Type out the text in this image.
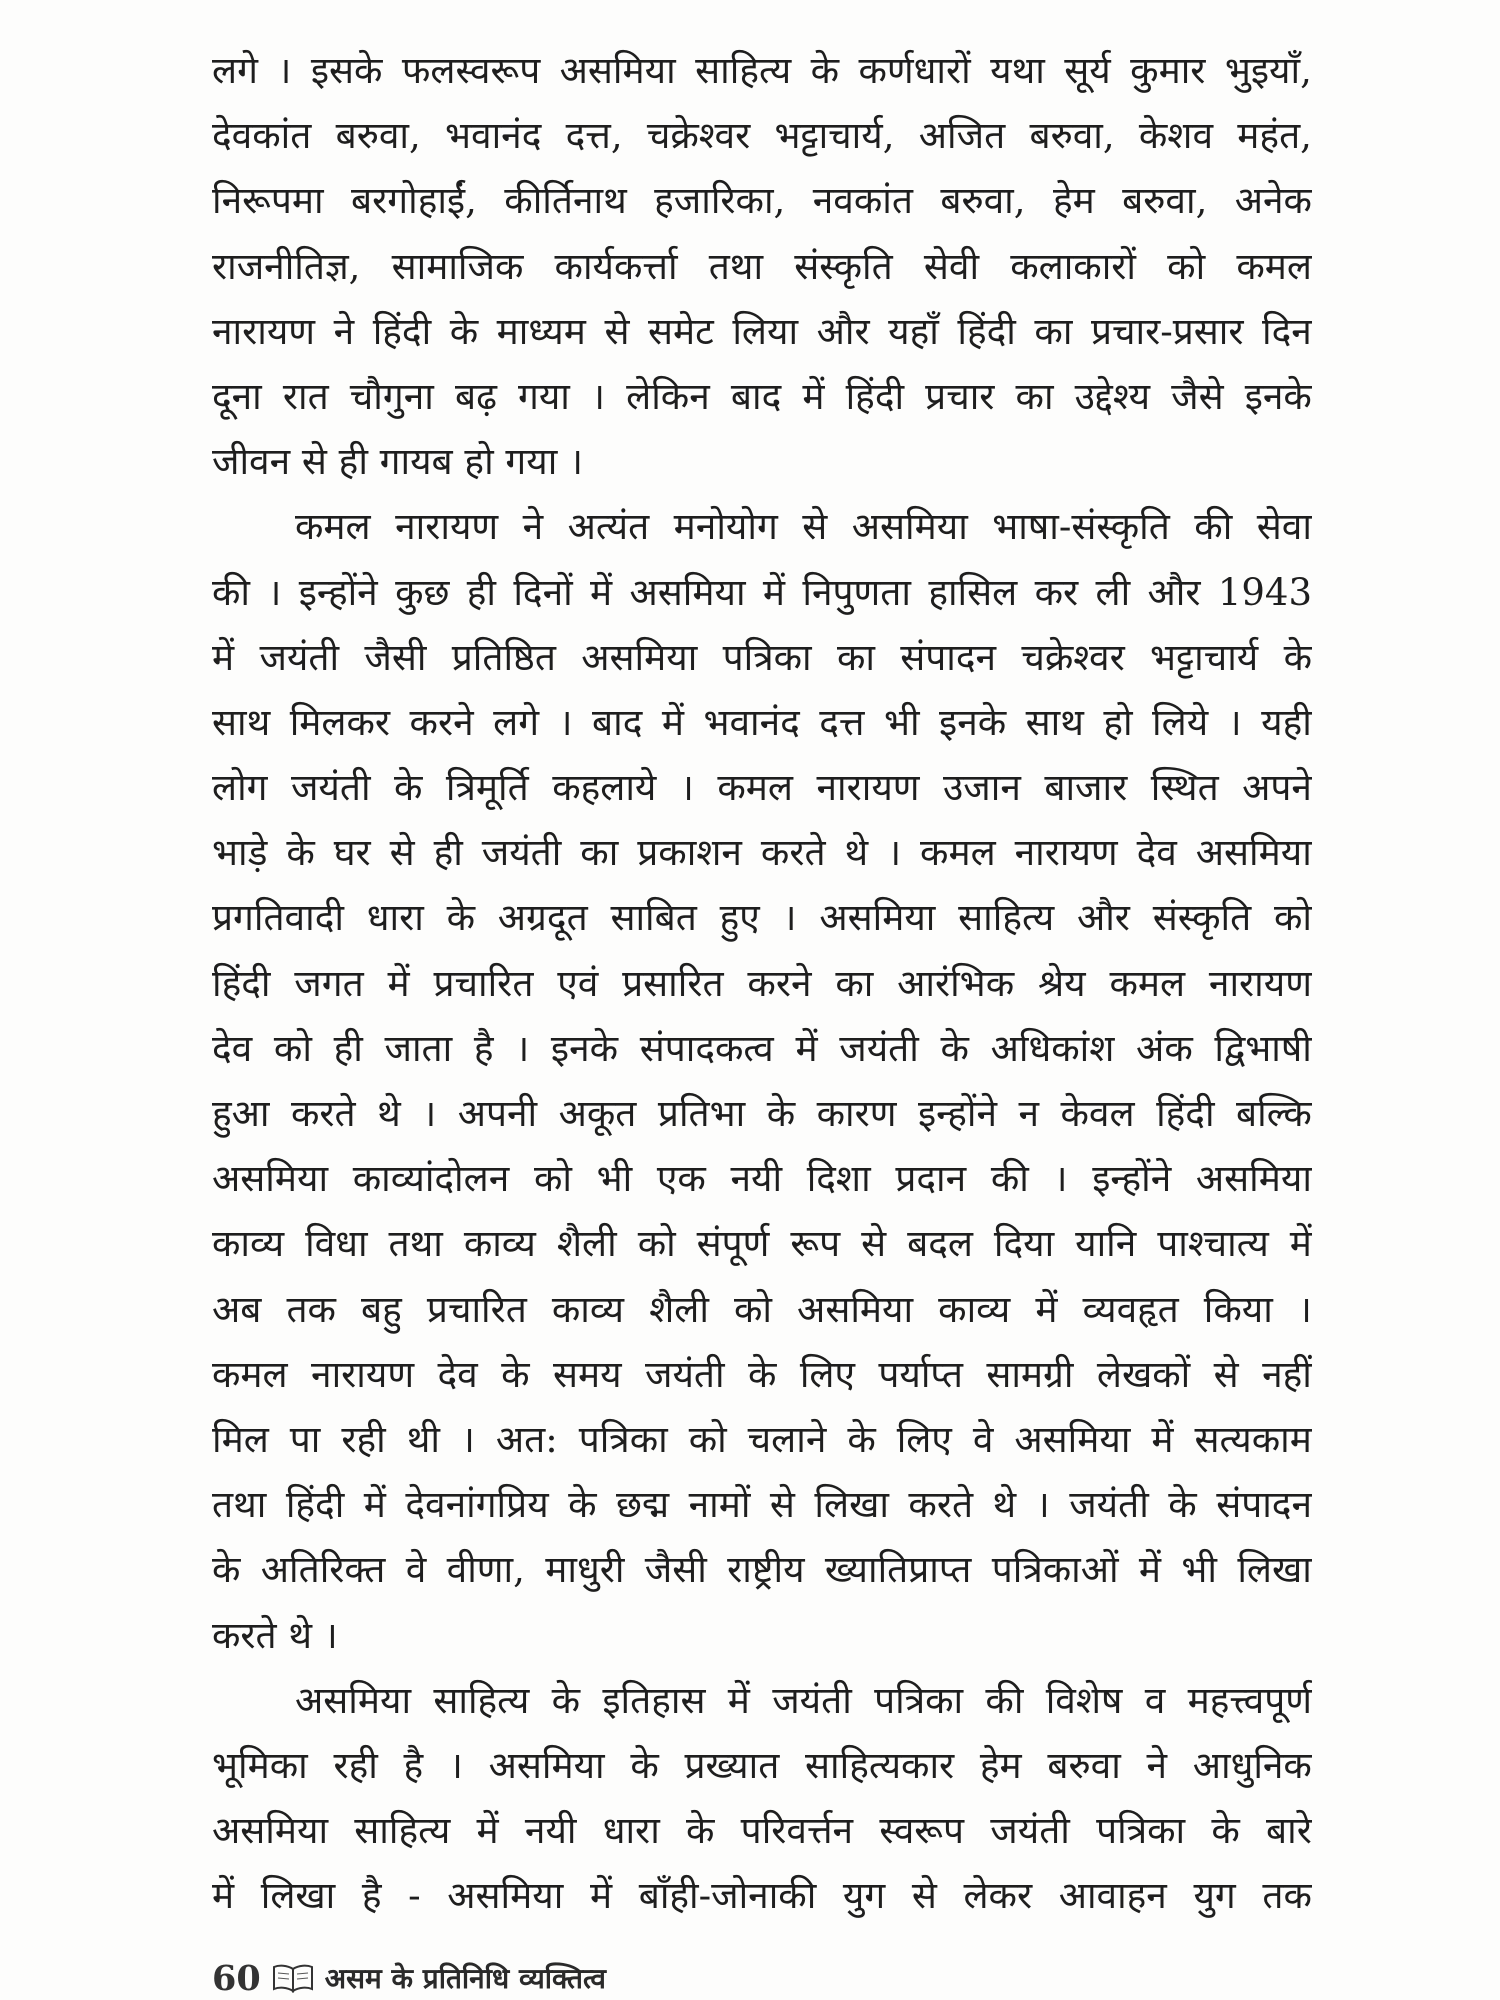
लगे । इसके फलस्वरूप असमिया साहित्य के कर्णधारों यथा सूर्य कुमार भुइयाँ,
देवकांत बरुवा, भवानंद दत्त, चक्रेश्वर भट्टाचार्य, अजित बरुवा, केशव महंत,
निरूपमा बरगोहाईं, कीर्तिनाथ हजारिका, नवकांत बरुवा, हेम बरुवा, अनेक
राजनीतिज्ञ, सामाजिक कार्यकर्त्ता तथा संस्कृति सेवी कलाकारों को कमल
नारायण ने हिंदी के माध्यम से समेट लिया और यहाँ हिंदी का प्रचार-प्रसार दिन
दूना रात चौगुना बढ़ गया । लेकिन बाद में हिंदी प्रचार का उद्देश्य जैसे इनके
जीवन से ही गायब हो गया ।
कमल नारायण ने अत्यंत मनोयोग से असमिया भाषा-संस्कृति की सेवा
की । इन्होंने कुछ ही दिनों में असमिया में निपुणता हासिल कर ली और 1943
में जयंती जैसी प्रतिष्ठित असमिया पत्रिका का संपादन चक्रेश्वर भट्टाचार्य के
साथ मिलकर करने लगे । बाद में भवानंद दत्त भी इनके साथ हो लिये । यही
लोग जयंती के त्रिमूर्ति कहलाये । कमल नारायण उजान बाजार स्थित अपने
भाड़े के घर से ही जयंती का प्रकाशन करते थे । कमल नारायण देव असमिया
प्रगतिवादी धारा के अग्रदूत साबित हुए । असमिया साहित्य और संस्कृति को
हिंदी जगत में प्रचारित एवं प्रसारित करने का आरंभिक श्रेय कमल नारायण
देव को ही जाता है । इनके संपादकत्व में जयंती के अधिकांश अंक द्विभाषी
हुआ करते थे । अपनी अकूत प्रतिभा के कारण इन्होंने न केवल हिंदी बल्कि
असमिया काव्यांदोलन को भी एक नयी दिशा प्रदान की । इन्होंने असमिया
काव्य विधा तथा काव्य शैली को संपूर्ण रूप से बदल दिया यानि पाश्चात्य में
अब तक बहु प्रचारित काव्य शैली को असमिया काव्य में व्यवहृत किया ।
कमल नारायण देव के समय जयंती के लिए पर्याप्त सामग्री लेखकों से नहीं
मिल पा रही थी । अत: पत्रिका को चलाने के लिए वे असमिया में सत्यकाम
तथा हिंदी में देवनांगप्रिय के छद्म नामों से लिखा करते थे । जयंती के संपादन
के अतिरिक्त वे वीणा, माधुरी जैसी राष्ट्रीय ख्यातिप्राप्त पत्रिकाओं में भी लिखा
करते थे ।
असमिया साहित्य के इतिहास में जयंती पत्रिका की विशेष व महत्त्वपूर्ण
भूमिका रही है । असमिया के प्रख्यात साहित्यकार हेम बरुवा ने आधुनिक
असमिया साहित्य में नयी धारा के परिवर्त्तन स्वरूप जयंती पत्रिका के बारे
में लिखा है - असमिया में बाँही-जोनाकी युग से लेकर आवाहन युग तक
60 असम के प्रतिनिधि व्यक्तित्व
